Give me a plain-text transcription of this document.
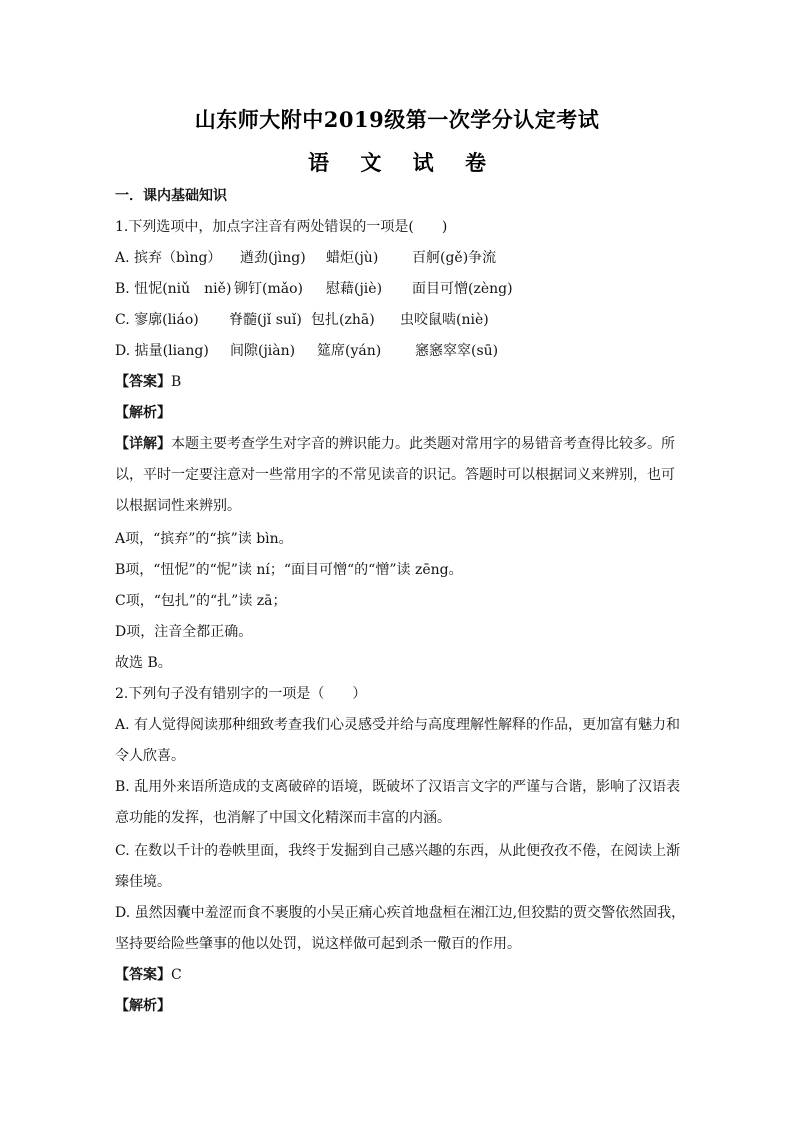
山东师大附中2019级第一次学分认定考试
语 文 试 卷
一．课内基础知识
1.下列选项中，加点字注音有两处错误的一项是(　　)
A. 摈弃（bìng） 遒劲(jìng) 蜡炬(jù) 百舸(gě)争流
B. 忸怩(niǔ　niě) 铆钉(mǎo) 慰藉(jiè) 面目可憎(zèng)
C. 寥廓(liáo) 脊髓(jǐ suǐ) 包扎(zhā) 虫咬鼠啮(niè)
D. 掂量(liang) 间隙(jiàn) 筵席(yán) 窸窸窣窣(sū)
【答案】B
【解析】
【详解】本题主要考查学生对字音的辨识能力。此类题对常用字的易错音考查得比较多。所
以，平时一定要注意对一些常用字的不常见读音的识记。答题时可以根据词义来辨别，也可
以根据词性来辨别。
A项，“摈弃”的“摈”读 bìn。
B项，“忸怩”的“怩”读 ní；“面目可憎“的“憎”读 zēng。
C项，“包扎”的“扎”读 zā；
D项，注音全都正确。
故选 B。
2.下列句子没有错别字的一项是（　　）
A. 有人觉得阅读那种细致考查我们心灵感受并给与高度理解性解释的作品，更加富有魅力和
令人欣喜。
B. 乱用外来语所造成的支离破碎的语境，既破坏了汉语言文字的严谨与合谐，影响了汉语表
意功能的发挥，也消解了中国文化精深而丰富的内涵。
C. 在数以千计的卷帙里面，我终于发掘到自己感兴趣的东西，从此便孜孜不倦，在阅读上渐
臻佳境。
D. 虽然因囊中羞涩而食不裹腹的小吴正痛心疾首地盘桓在湘江边,但狡黠的贾交警依然固我，
坚持要给险些肇事的他以处罚，说这样做可起到杀一儆百的作用。
【答案】C
【解析】
